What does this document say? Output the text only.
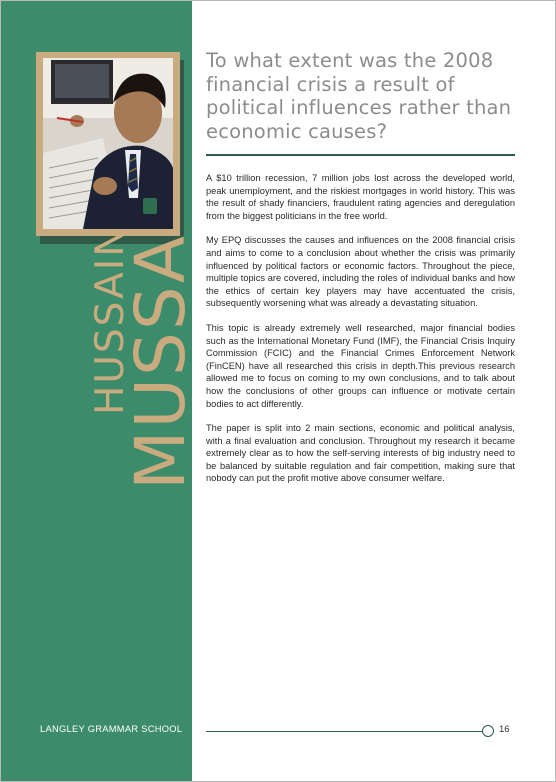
HUSSAIN
MUSSA
To what extent was the 2008 financial crisis a result of political influences rather than economic causes?

A $10 trillion recession, 7 million jobs lost across the developed world, peak unemployment, and the riskiest mortgages in world history. This was the result of shady financiers, fraudulent rating agencies and deregulation from the biggest politicians in the free world.

My EPQ discusses the causes and influences on the 2008 financial crisis and aims to come to a conclusion about whether the crisis was primarily influenced by political factors or economic factors. Throughout the piece, multiple topics are covered, including the roles of individual banks and how the ethics of certain key players may have accentuated the crisis, subsequently worsening what was already a devastating situation.

This topic is already extremely well researched, major financial bodies such as the International Monetary Fund (IMF), the Financial Crisis Inquiry Commission (FCIC) and the Financial Crimes Enforcement Network (FinCEN) have all researched this crisis in depth.This previous research allowed me to focus on coming to my own conclusions, and to talk about how the conclusions of other groups can influence or motivate certain bodies to act differently.

The paper is split into 2 main sections, economic and political analysis, with a final evaluation and conclusion. Throughout my research it became extremely clear as to how the self-serving interests of big industry need to be balanced by suitable regulation and fair competition, making sure that nobody can put the profit motive above consumer welfare.

LANGLEY GRAMMAR SCHOOL	16
